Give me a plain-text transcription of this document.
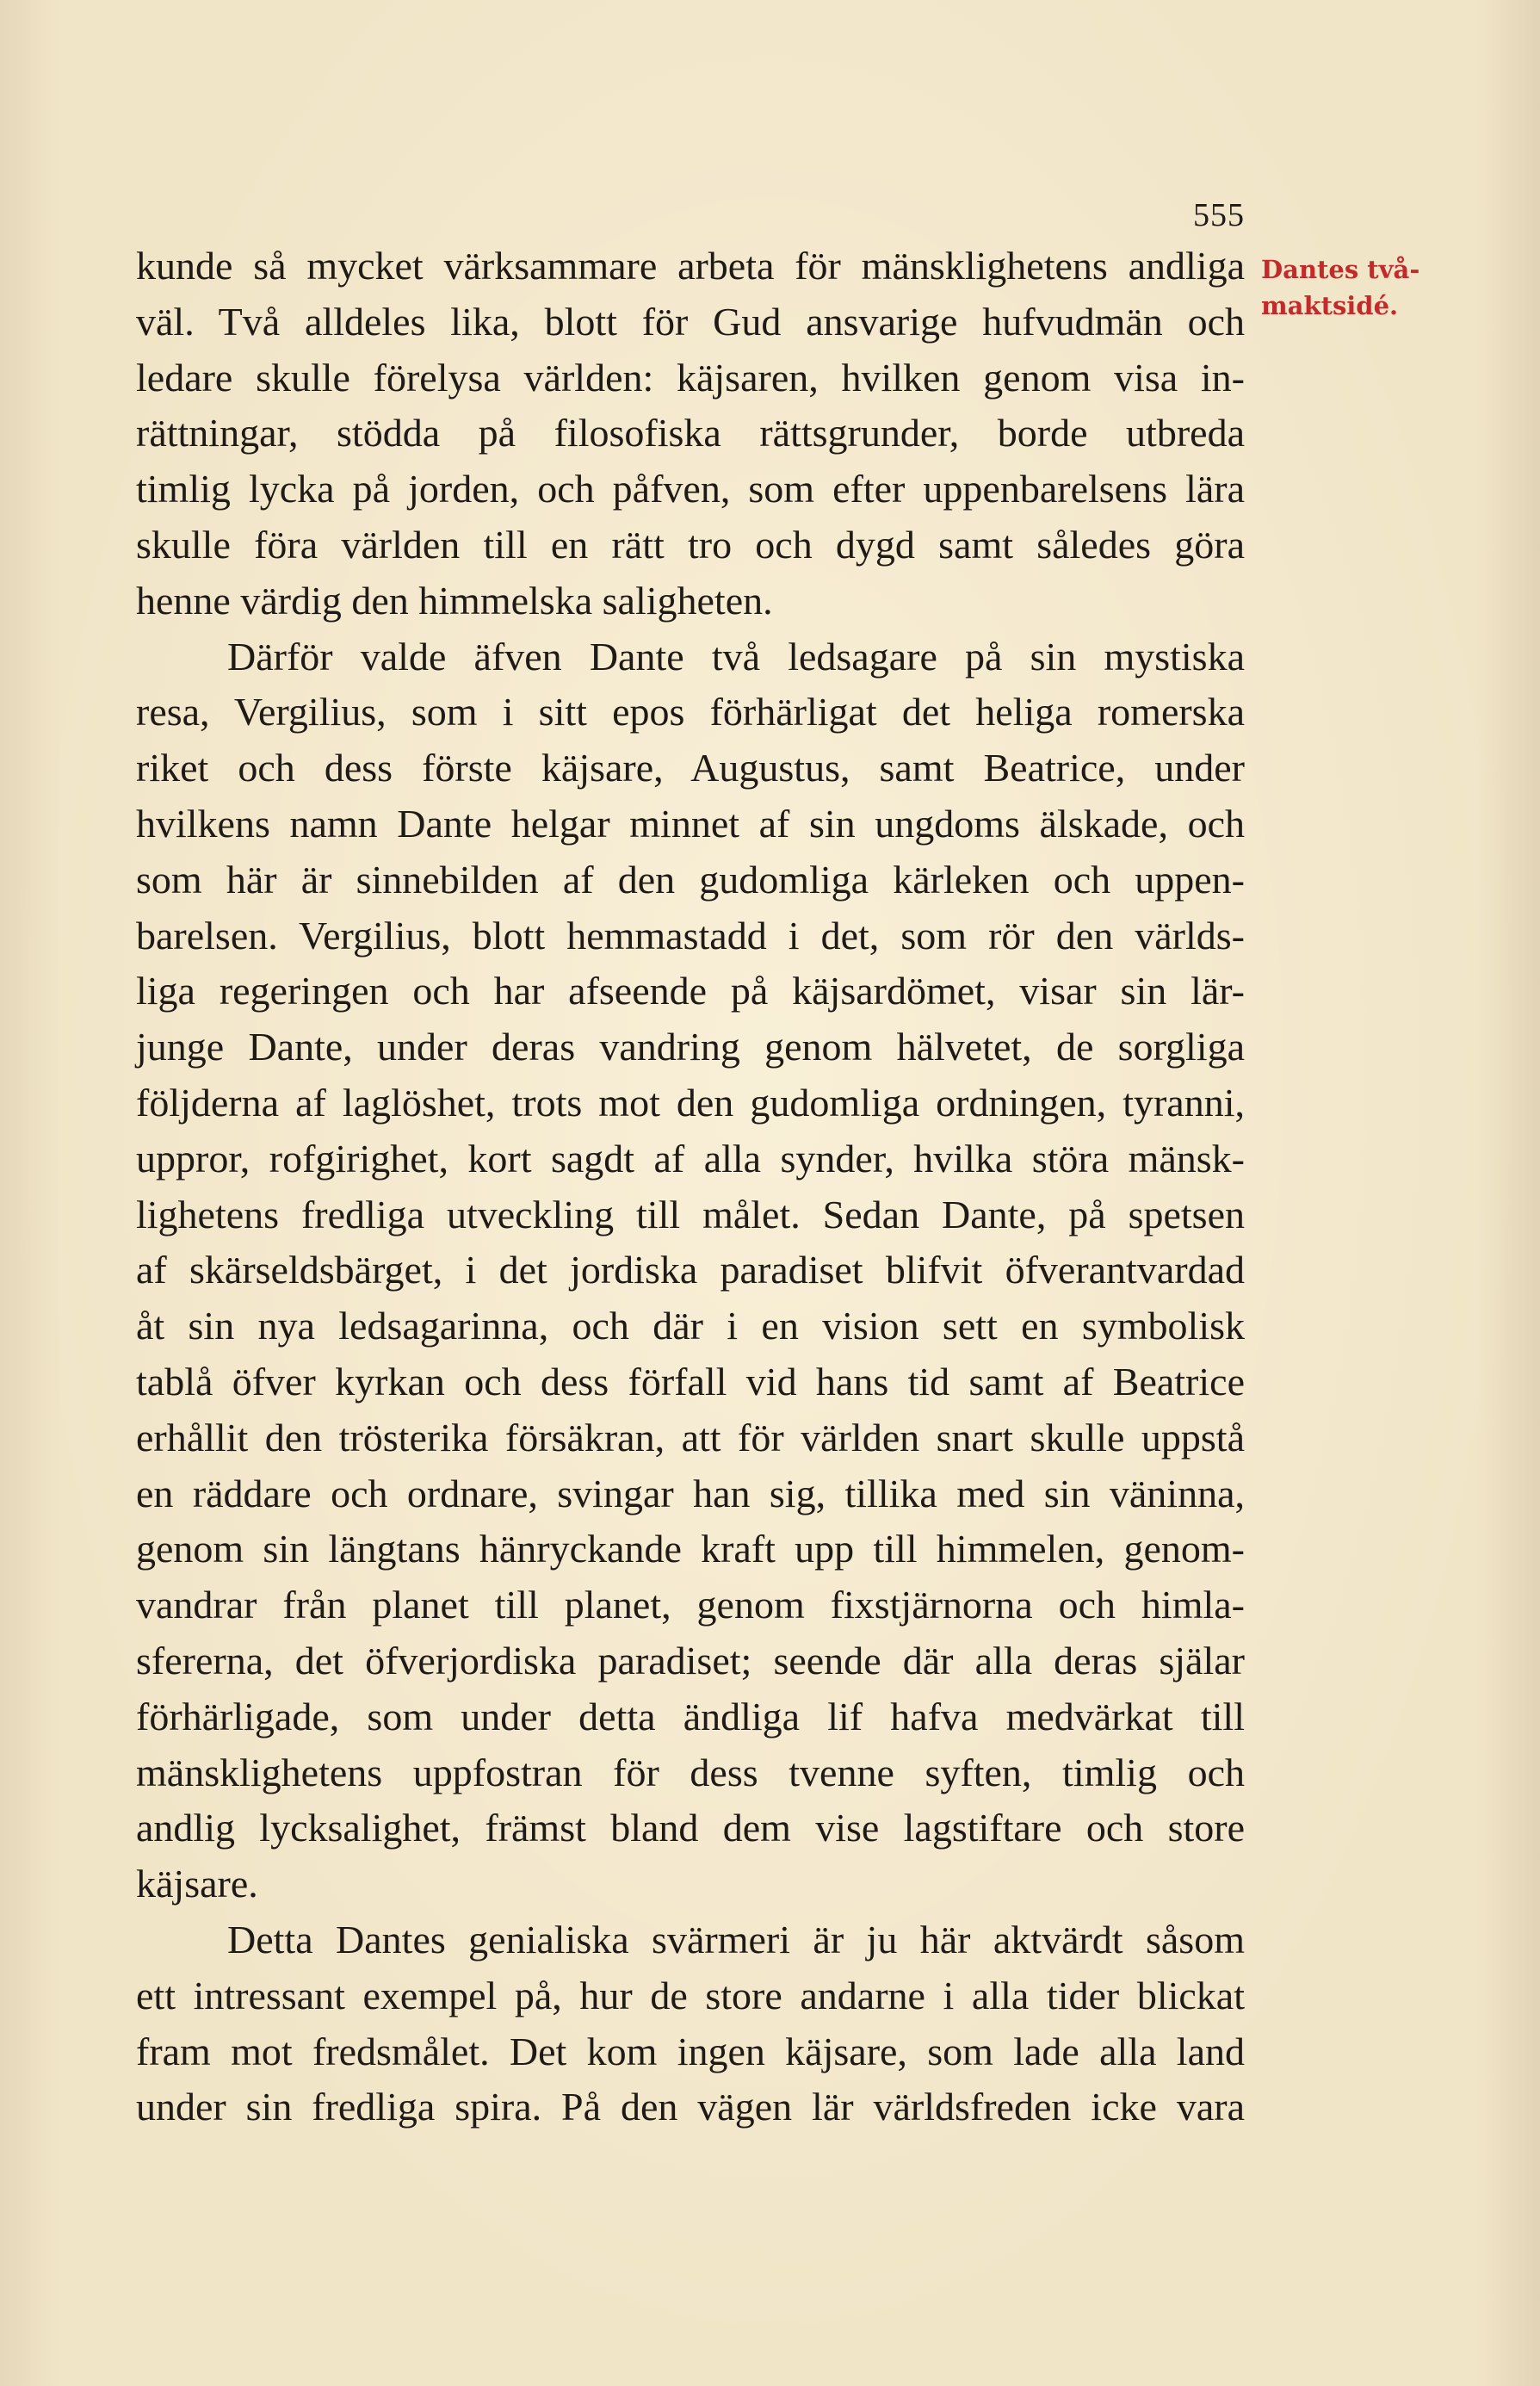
555
Dantes två-
maktsidé.
kunde så mycket värksammare arbeta för mänsklighetens andliga
väl. Två alldeles lika, blott för Gud ansvarige hufvudmän och
ledare skulle förelysa världen: käjsaren, hvilken genom visa in-
rättningar, stödda på filosofiska rättsgrunder, borde utbreda
timlig lycka på jorden, och påfven, som efter uppenbarelsens lära
skulle föra världen till en rätt tro och dygd samt således göra
henne värdig den himmelska saligheten.
Därför valde äfven Dante två ledsagare på sin mystiska
resa, Vergilius, som i sitt epos förhärligat det heliga romerska
riket och dess förste käjsare, Augustus, samt Beatrice, under
hvilkens namn Dante helgar minnet af sin ungdoms älskade, och
som här är sinnebilden af den gudomliga kärleken och uppen-
barelsen. Vergilius, blott hemmastadd i det, som rör den världs-
liga regeringen och har afseende på käjsardömet, visar sin lär-
junge Dante, under deras vandring genom hälvetet, de sorgliga
följderna af laglöshet, trots mot den gudomliga ordningen, tyranni,
uppror, rofgirighet, kort sagdt af alla synder, hvilka störa mänsk-
lighetens fredliga utveckling till målet. Sedan Dante, på spetsen
af skärseldsbärget, i det jordiska paradiset blifvit öfverantvardad
åt sin nya ledsagarinna, och där i en vision sett en symbolisk
tablå öfver kyrkan och dess förfall vid hans tid samt af Beatrice
erhållit den trösterika försäkran, att för världen snart skulle uppstå
en räddare och ordnare, svingar han sig, tillika med sin väninna,
genom sin längtans hänryckande kraft upp till himmelen, genom-
vandrar från planet till planet, genom fixstjärnorna och himla-
sfererna, det öfverjordiska paradiset; seende där alla deras själar
förhärligade, som under detta ändliga lif hafva medvärkat till
mänsklighetens uppfostran för dess tvenne syften, timlig och
andlig lycksalighet, främst bland dem vise lagstiftare och store
käjsare.
Detta Dantes genialiska svärmeri är ju här aktvärdt såsom
ett intressant exempel på, hur de store andarne i alla tider blickat
fram mot fredsmålet. Det kom ingen käjsare, som lade alla land
under sin fredliga spira. På den vägen lär världsfreden icke vara
